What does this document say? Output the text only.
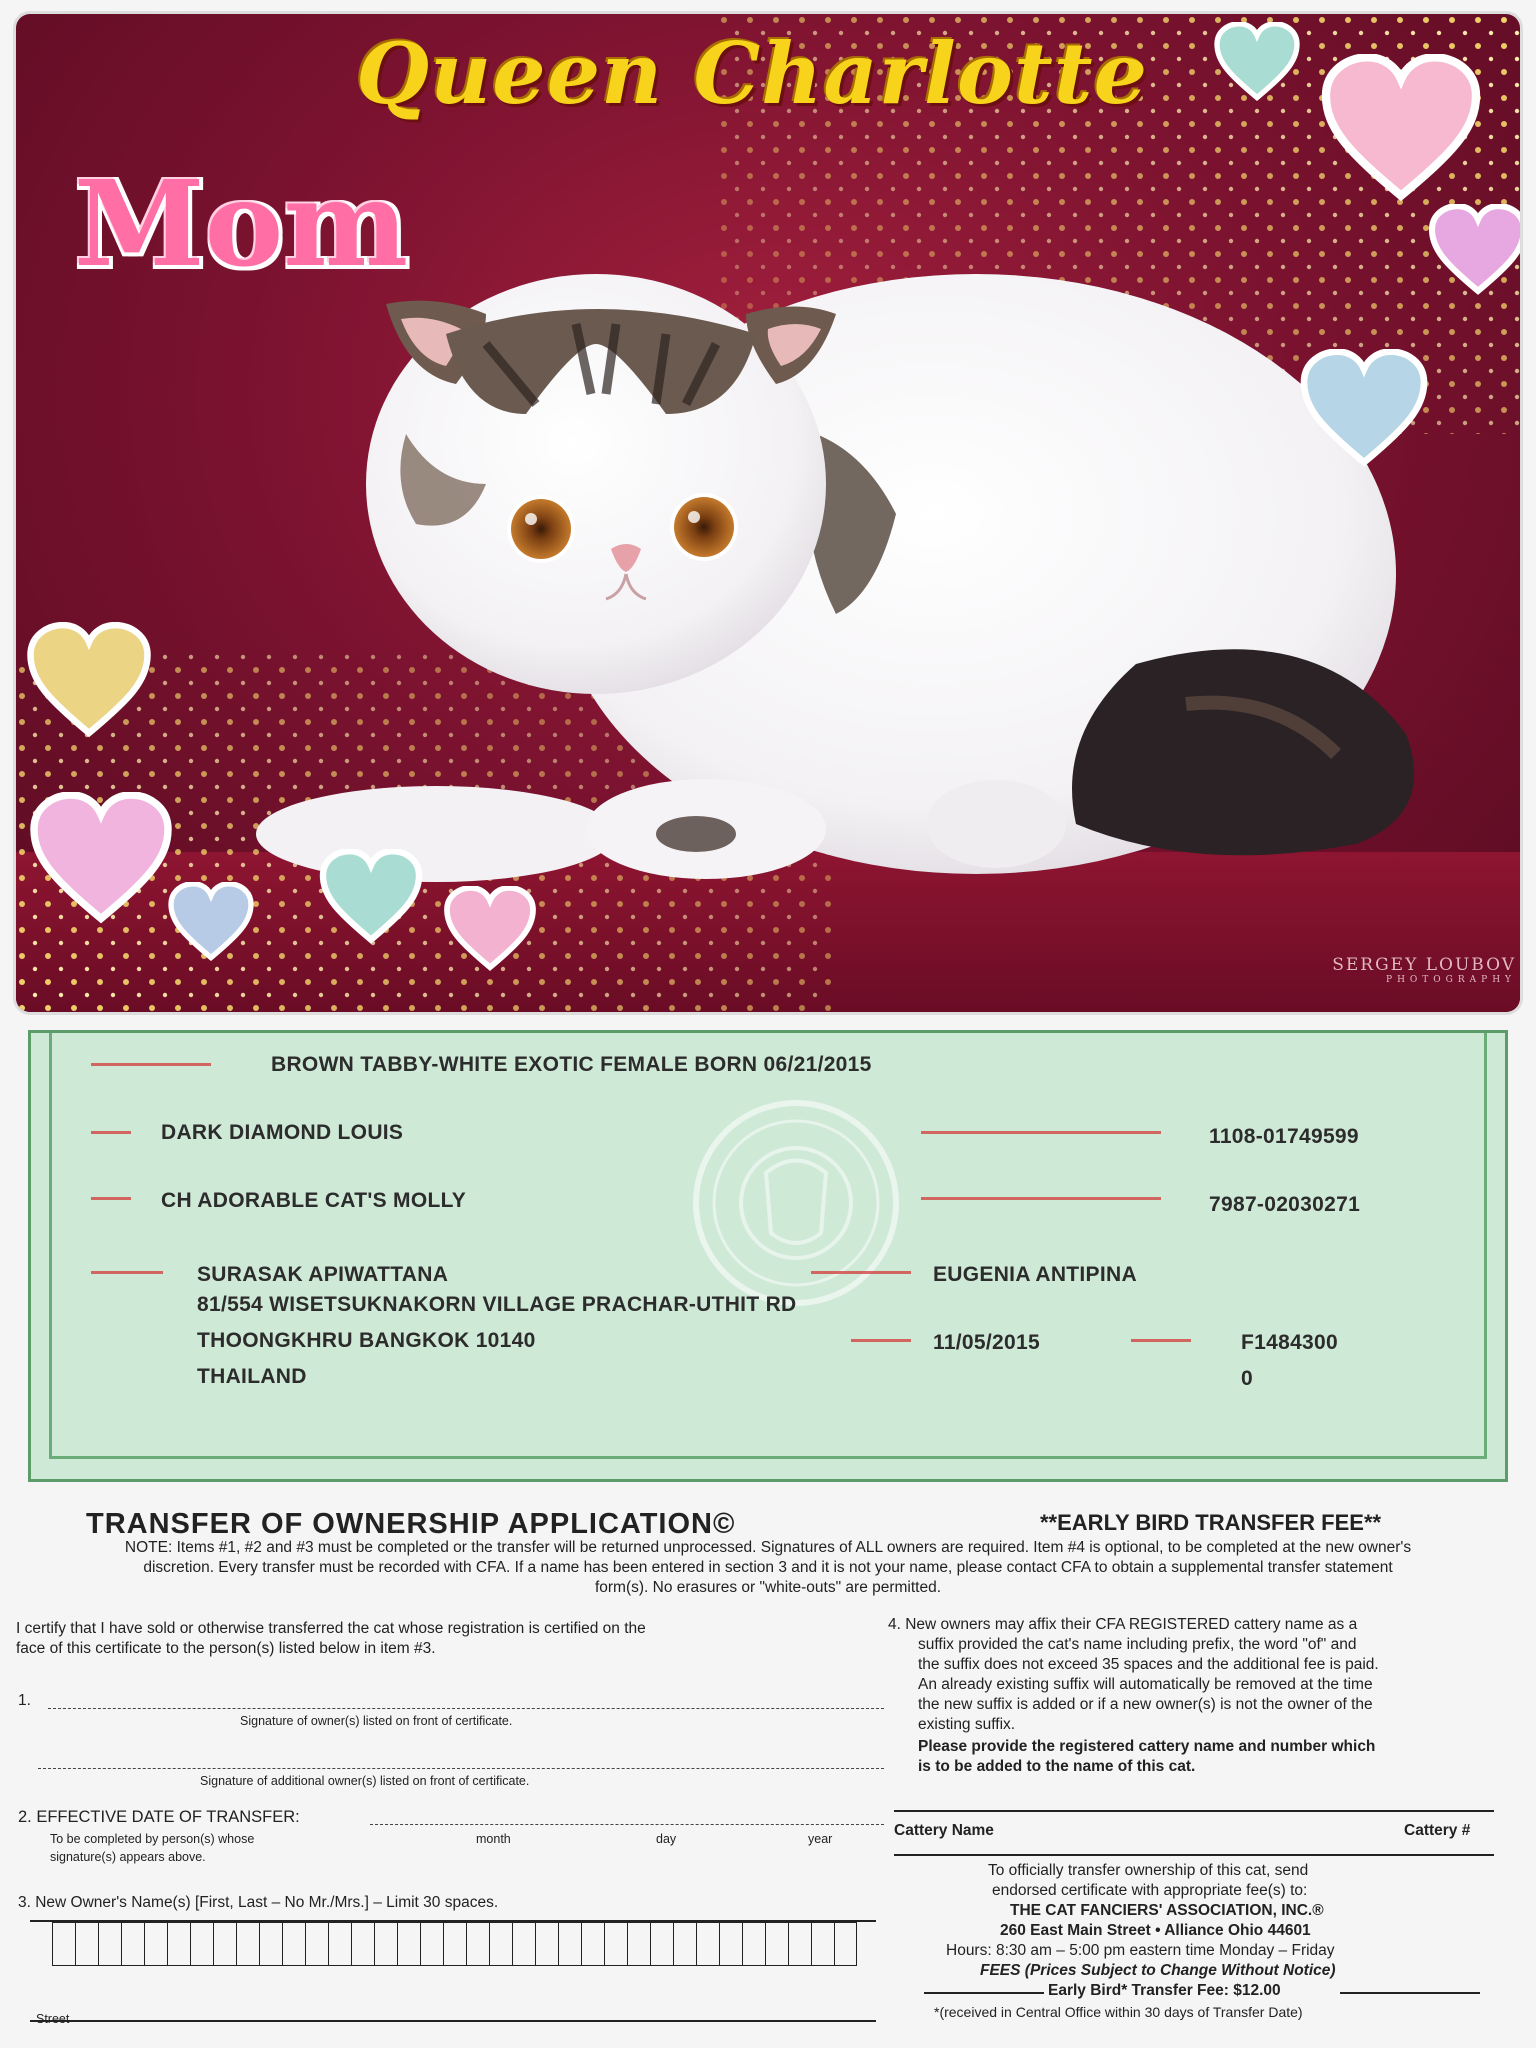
Queen Charlotte
Mom
SERGEY LOUBOV
PHOTOGRAPHY
BROWN TABBY-WHITE EXOTIC FEMALE BORN 06/21/2015
DARK DIAMOND LOUIS	1108-01749599
CH ADORABLE CAT'S MOLLY	7987-02030271
SURASAK APIWATTANA
81/554 WISETSUKNAKORN VILLAGE PRACHAR-UTHIT RD
THOONGKHRU BANGKOK 10140
THAILAND
EUGENIA ANTIPINA
11/05/2015	F1484300
0
TRANSFER OF OWNERSHIP APPLICATION©	**EARLY BIRD TRANSFER FEE**
NOTE: Items #1, #2 and #3 must be completed or the transfer will be returned unprocessed. Signatures of ALL owners are required. Item #4 is optional, to be completed at the new owner's discretion. Every transfer must be recorded with CFA. If a name has been entered in section 3 and it is not your name, please contact CFA to obtain a supplemental transfer statement form(s). No erasures or "white-outs" are permitted.
I certify that I have sold or otherwise transferred the cat whose registration is certified on the
face of this certificate to the person(s) listed below in item #3.
1.
Signature of owner(s) listed on front of certificate.
Signature of additional owner(s) listed on front of certificate.
2. EFFECTIVE DATE OF TRANSFER:
To be completed by person(s) whose
signature(s) appears above.
month	day	year
3. New Owner's Name(s) [First, Last – No Mr./Mrs.] – Limit 30 spaces.
Street
4. New owners may affix their CFA REGISTERED cattery name as a
suffix provided the cat's name including prefix, the word "of" and
the suffix does not exceed 35 spaces and the additional fee is paid.
An already existing suffix will automatically be removed at the time
the new suffix is added or if a new owner(s) is not the owner of the
existing suffix.
Please provide the registered cattery name and number which
is to be added to the name of this cat.
Cattery Name	Cattery #
To officially transfer ownership of this cat, send
endorsed certificate with appropriate fee(s) to:
THE CAT FANCIERS' ASSOCIATION, INC.®
260 East Main Street • Alliance Ohio 44601
Hours: 8:30 am – 5:00 pm eastern time Monday – Friday
FEES (Prices Subject to Change Without Notice)
Early Bird* Transfer Fee: $12.00
*(received in Central Office within 30 days of Transfer Date)
